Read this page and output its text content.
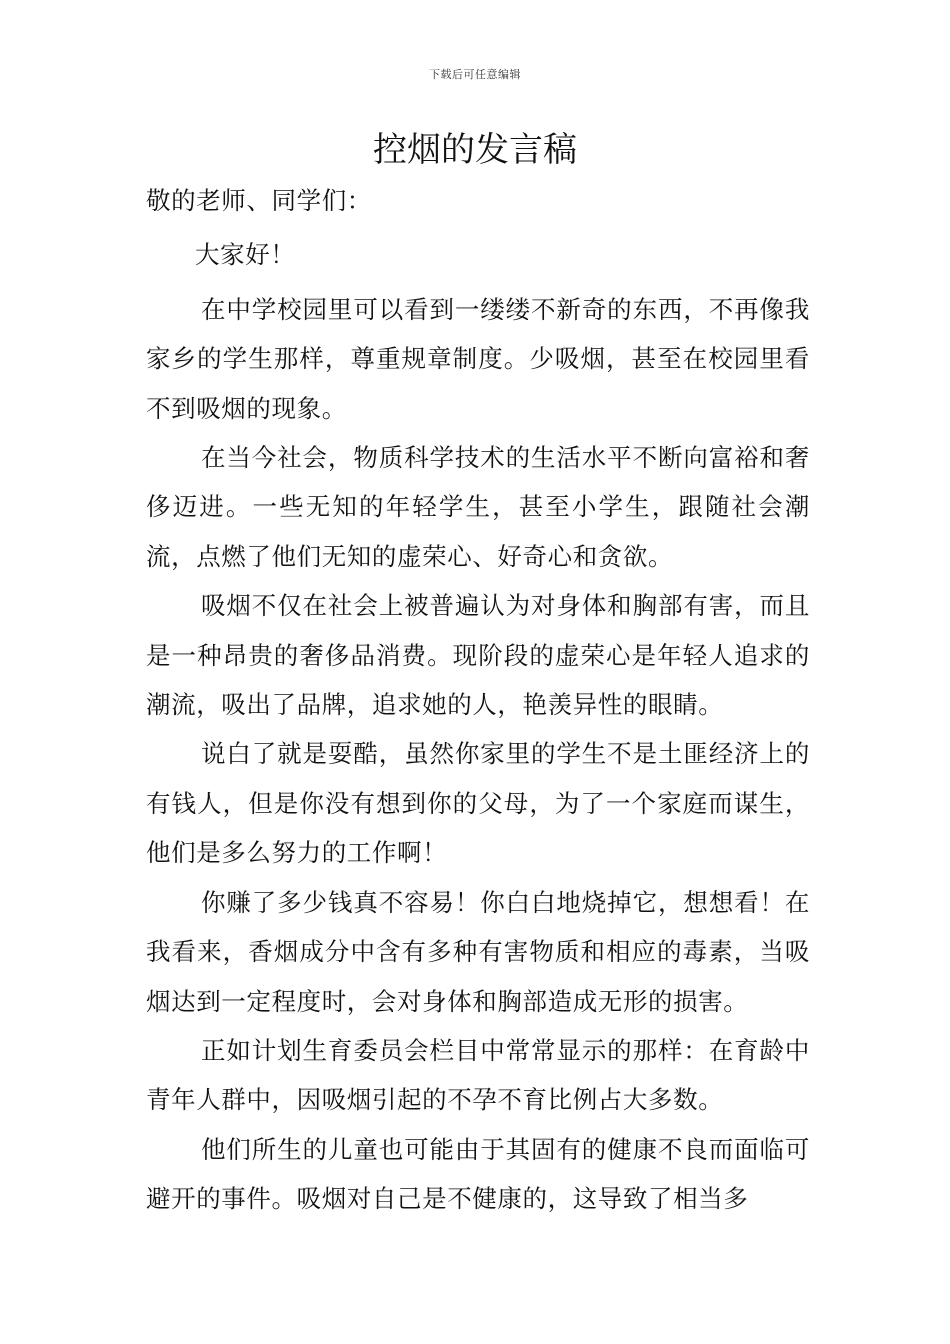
下载后可任意编辑
控烟的发言稿

敬的老师、同学们：

大家好！

在中学校园里可以看到一缕缕不新奇的东西，不再像我家乡的学生那样，尊重规章制度。少吸烟，甚至在校园里看不到吸烟的现象。

在当今社会，物质科学技术的生活水平不断向富裕和奢侈迈进。一些无知的年轻学生，甚至小学生，跟随社会潮流，点燃了他们无知的虚荣心、好奇心和贪欲。

吸烟不仅在社会上被普遍认为对身体和胸部有害，而且是一种昂贵的奢侈品消费。现阶段的虚荣心是年轻人追求的潮流，吸出了品牌，追求她的人，艳羡异性的眼睛。

说白了就是耍酷，虽然你家里的学生不是土匪经济上的有钱人，但是你没有想到你的父母，为了一个家庭而谋生，他们是多么努力的工作啊！

你赚了多少钱真不容易！你白白地烧掉它，想想看！在我看来，香烟成分中含有多种有害物质和相应的毒素，当吸烟达到一定程度时，会对身体和胸部造成无形的损害。

正如计划生育委员会栏目中常常显示的那样：在育龄中青年人群中，因吸烟引起的不孕不育比例占大多数。

他们所生的儿童也可能由于其固有的健康不良而面临可避开的事件。吸烟对自己是不健康的，这导致了相当多
